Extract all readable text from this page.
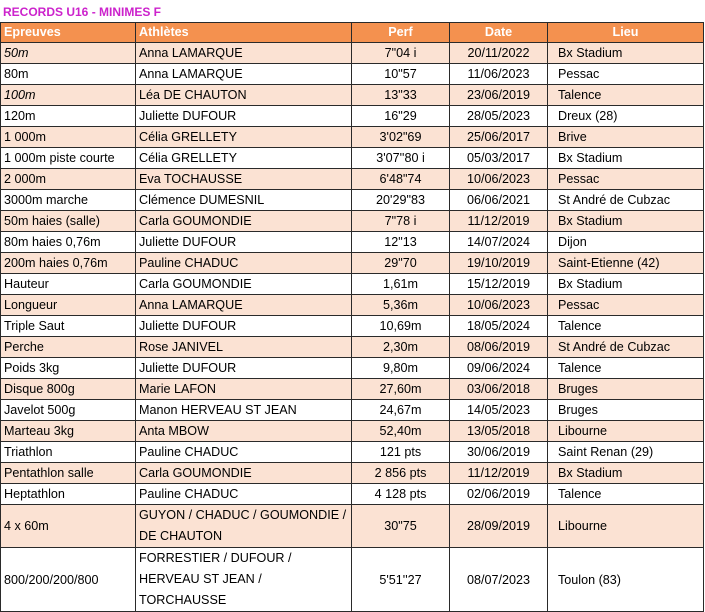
RECORDS U16 - MINIMES F
Epreuves	Athlètes	Perf	Date	Lieu
50m	Anna LAMARQUE	7"04 i	20/11/2022	Bx Stadium
80m	Anna LAMARQUE	10"57	11/06/2023	Pessac
100m	Léa DE CHAUTON	13"33	23/06/2019	Talence
120m	Juliette DUFOUR	16"29	28/05/2023	Dreux (28)
1 000m	Célia GRELLETY	3'02"69	25/06/2017	Brive
1 000m piste courte	Célia GRELLETY	3'07''80 i	05/03/2017	Bx Stadium
2 000m	Eva TOCHAUSSE	6'48"74	10/06/2023	Pessac
3000m marche	Clémence DUMESNIL	20'29"83	06/06/2021	St André de Cubzac
50m haies (salle)	Carla GOUMONDIE	7"78 i	11/12/2019	Bx Stadium
80m haies 0,76m	Juliette DUFOUR	12"13	14/07/2024	Dijon
200m haies 0,76m	Pauline CHADUC	29"70	19/10/2019	Saint-Etienne (42)
Hauteur	Carla GOUMONDIE	1,61m	15/12/2019	Bx Stadium
Longueur	Anna LAMARQUE	5,36m	10/06/2023	Pessac
Triple Saut	Juliette DUFOUR	10,69m	18/05/2024	Talence
Perche	Rose JANIVEL	2,30m	08/06/2019	St André de Cubzac
Poids 3kg	Juliette DUFOUR	9,80m	09/06/2024	Talence
Disque 800g	Marie LAFON	27,60m	03/06/2018	Bruges
Javelot 500g	Manon HERVEAU ST JEAN	24,67m	14/05/2023	Bruges
Marteau 3kg	Anta MBOW	52,40m	13/05/2018	Libourne
Triathlon	Pauline CHADUC	121 pts	30/06/2019	Saint Renan (29)
Pentathlon salle	Carla GOUMONDIE	2 856 pts	11/12/2019	Bx Stadium
Heptathlon	Pauline CHADUC	4 128 pts	02/06/2019	Talence
4 x 60m	GUYON / CHADUC / GOUMONDIE / DE CHAUTON	30"75	28/09/2019	Libourne
800/200/200/800	FORRESTIER / DUFOUR / HERVEAU ST JEAN / TORCHAUSSE	5'51''27	08/07/2023	Toulon (83)
